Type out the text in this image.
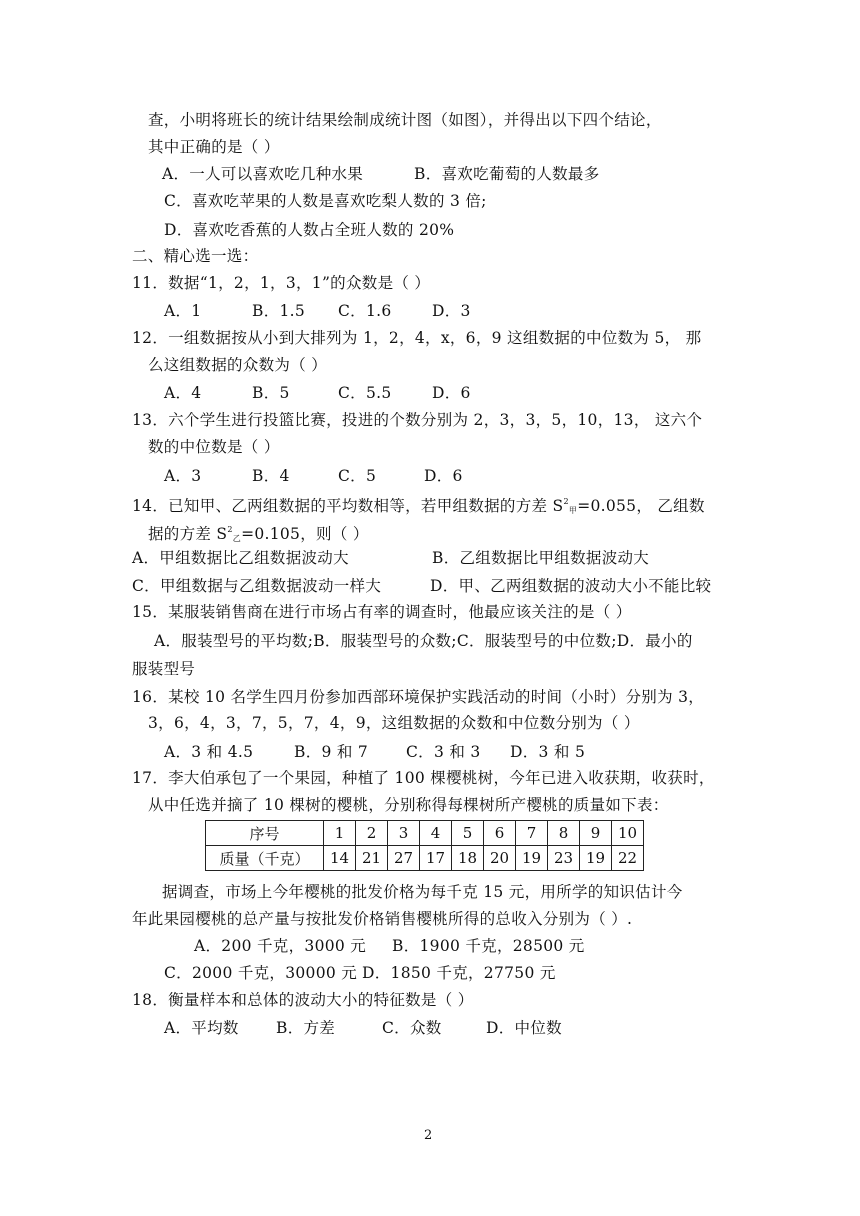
查，小明将班长的统计结果绘制成统计图（如图），并得出以下四个结论，
其中正确的是（ ）
A．一人可以喜欢吃几种水果	B．喜欢吃葡萄的人数最多
C．喜欢吃苹果的人数是喜欢吃梨人数的 3 倍;
D．喜欢吃香蕉的人数占全班人数的 20%
二、精心选一选：
11．数据“1，2，1，3，1”的众数是（ ）
A．1	B．1.5 C．1.6	D．3
12．一组数据按从小到大排列为 1，2，4，x，6，9 这组数据的中位数为 5， 那
么这组数据的众数为（ ）
A．4	B．5	C．5.5	D．6
13．六个学生进行投篮比赛，投进的个数分别为 2，3，3，5，10，13， 这六个
数的中位数是（ ）
A．3	B．4	C．5	D．6
14．已知甲、乙两组数据的平均数相等，若甲组数据的方差 $S^2_甲=0.055$， 乙组数
据的方差 $S^2_乙=0.105$，则（ ）
A．甲组数据比乙组数据波动大	B．乙组数据比甲组数据波动大
C．甲组数据与乙组数据波动一样大	D．甲、乙两组数据的波动大小不能比较
15．某服装销售商在进行市场占有率的调查时，他最应该关注的是（ ）
A．服装型号的平均数;B．服装型号的众数;C．服装型号的中位数;D．最小的
服装型号
16．某校 10 名学生四月份参加西部环境保护实践活动的时间（小时）分别为 3，
3，6，4，3，7，5，7，4，9，这组数据的众数和中位数分别为（ ）
A．3 和 4.5	B．9 和 7 C．3 和 3 D．3 和 5
17．李大伯承包了一个果园，种植了 100 棵樱桃树，今年已进入收获期，收获时，
从中任选并摘了 10 棵树的樱桃，分别称得每棵树所产樱桃的质量如下表：
序号	1	2	3	4	5	6	7	8	9	10
质量（千克）	14	21	27	17	18	20	19	23	19	22
据调查，市场上今年樱桃的批发价格为每千克 15 元，用所学的知识估计今
年此果园樱桃的总产量与按批发价格销售樱桃所得的总收入分别为（ ）.
A．200 千克，3000 元 B．1900 千克，28500 元
C．2000 千克，30000 元 D．1850 千克，27750 元
18．衡量样本和总体的波动大小的特征数是（ ）
A．平均数 B．方差	C．众数	D．中位数
2
